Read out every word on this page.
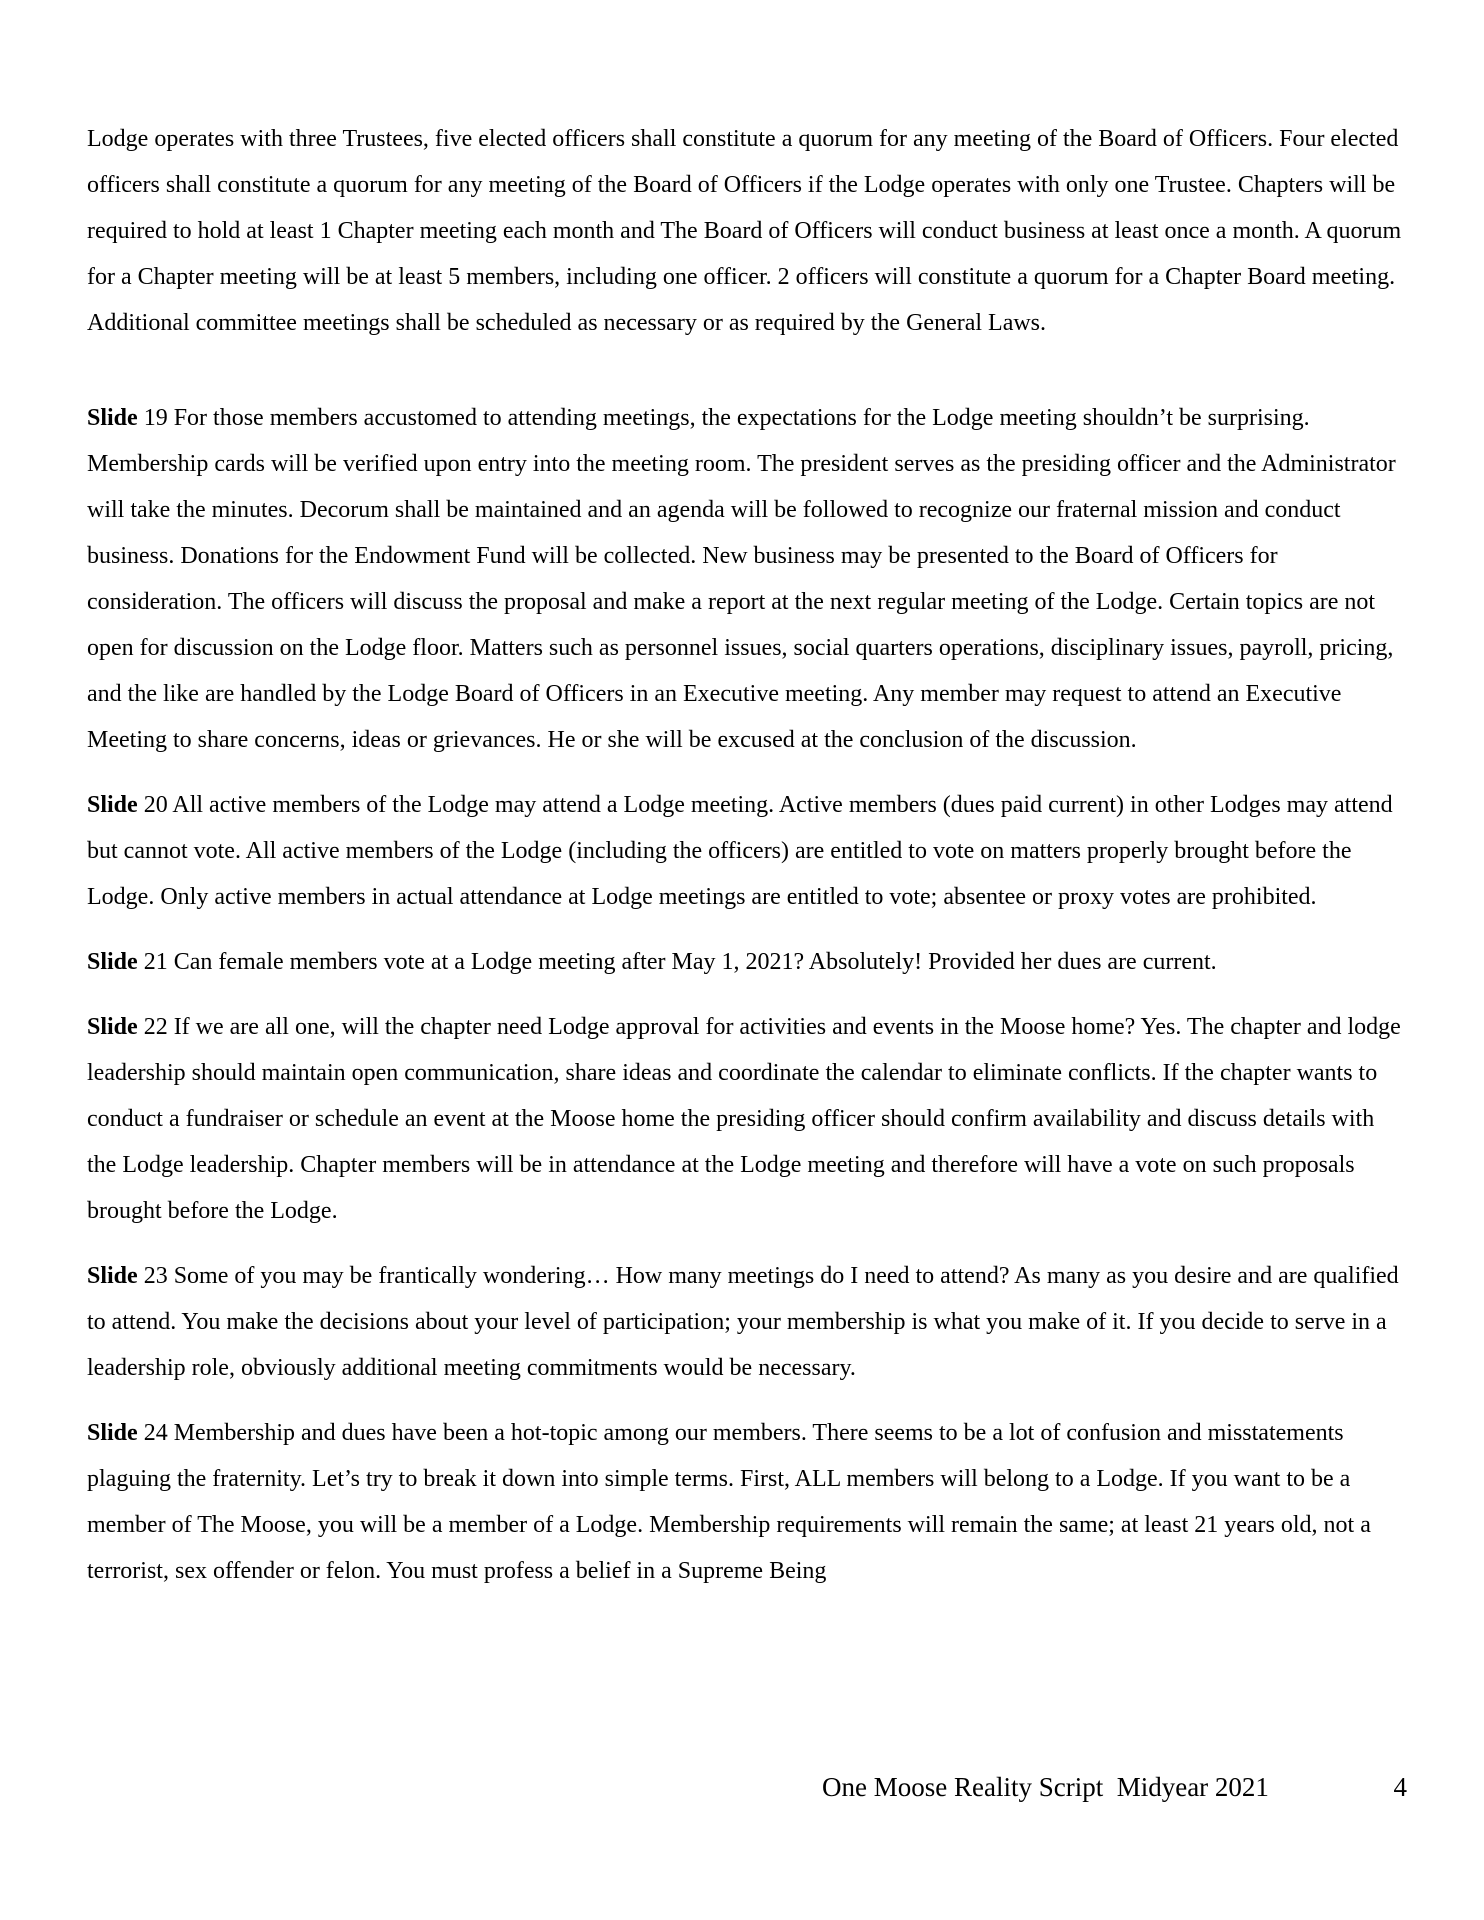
Lodge operates with three Trustees, five elected officers shall constitute a quorum for any meeting of the Board of Officers. Four elected officers shall constitute a quorum for any meeting of the Board of Officers if the Lodge operates with only one Trustee. Chapters will be required to hold at least 1 Chapter meeting each month and The Board of Officers will conduct business at least once a month. A quorum for a Chapter meeting will be at least 5 members, including one officer. 2 officers will constitute a quorum for a Chapter Board meeting. Additional committee meetings shall be scheduled as necessary or as required by the General Laws.

Slide 19 For those members accustomed to attending meetings, the expectations for the Lodge meeting shouldn’t be surprising. Membership cards will be verified upon entry into the meeting room. The president serves as the presiding officer and the Administrator will take the minutes. Decorum shall be maintained and an agenda will be followed to recognize our fraternal mission and conduct business. Donations for the Endowment Fund will be collected. New business may be presented to the Board of Officers for consideration. The officers will discuss the proposal and make a report at the next regular meeting of the Lodge. Certain topics are not open for discussion on the Lodge floor. Matters such as personnel issues, social quarters operations, disciplinary issues, payroll, pricing, and the like are handled by the Lodge Board of Officers in an Executive meeting. Any member may request to attend an Executive Meeting to share concerns, ideas or grievances. He or she will be excused at the conclusion of the discussion.

Slide 20 All active members of the Lodge may attend a Lodge meeting. Active members (dues paid current) in other Lodges may attend but cannot vote. All active members of the Lodge (including the officers) are entitled to vote on matters properly brought before the Lodge. Only active members in actual attendance at Lodge meetings are entitled to vote; absentee or proxy votes are prohibited.

Slide 21 Can female members vote at a Lodge meeting after May 1, 2021? Absolutely! Provided her dues are current.

Slide 22 If we are all one, will the chapter need Lodge approval for activities and events in the Moose home? Yes. The chapter and lodge leadership should maintain open communication, share ideas and coordinate the calendar to eliminate conflicts. If the chapter wants to conduct a fundraiser or schedule an event at the Moose home the presiding officer should confirm availability and discuss details with the Lodge leadership. Chapter members will be in attendance at the Lodge meeting and therefore will have a vote on such proposals brought before the Lodge.

Slide 23 Some of you may be frantically wondering… How many meetings do I need to attend? As many as you desire and are qualified to attend. You make the decisions about your level of participation; your membership is what you make of it. If you decide to serve in a leadership role, obviously additional meeting commitments would be necessary.

Slide 24 Membership and dues have been a hot-topic among our members. There seems to be a lot of confusion and misstatements plaguing the fraternity. Let’s try to break it down into simple terms. First, ALL members will belong to a Lodge. If you want to be a member of The Moose, you will be a member of a Lodge. Membership requirements will remain the same; at least 21 years old, not a terrorist, sex offender or felon. You must profess a belief in a Supreme Being

One Moose Reality Script  Midyear 2021	4
